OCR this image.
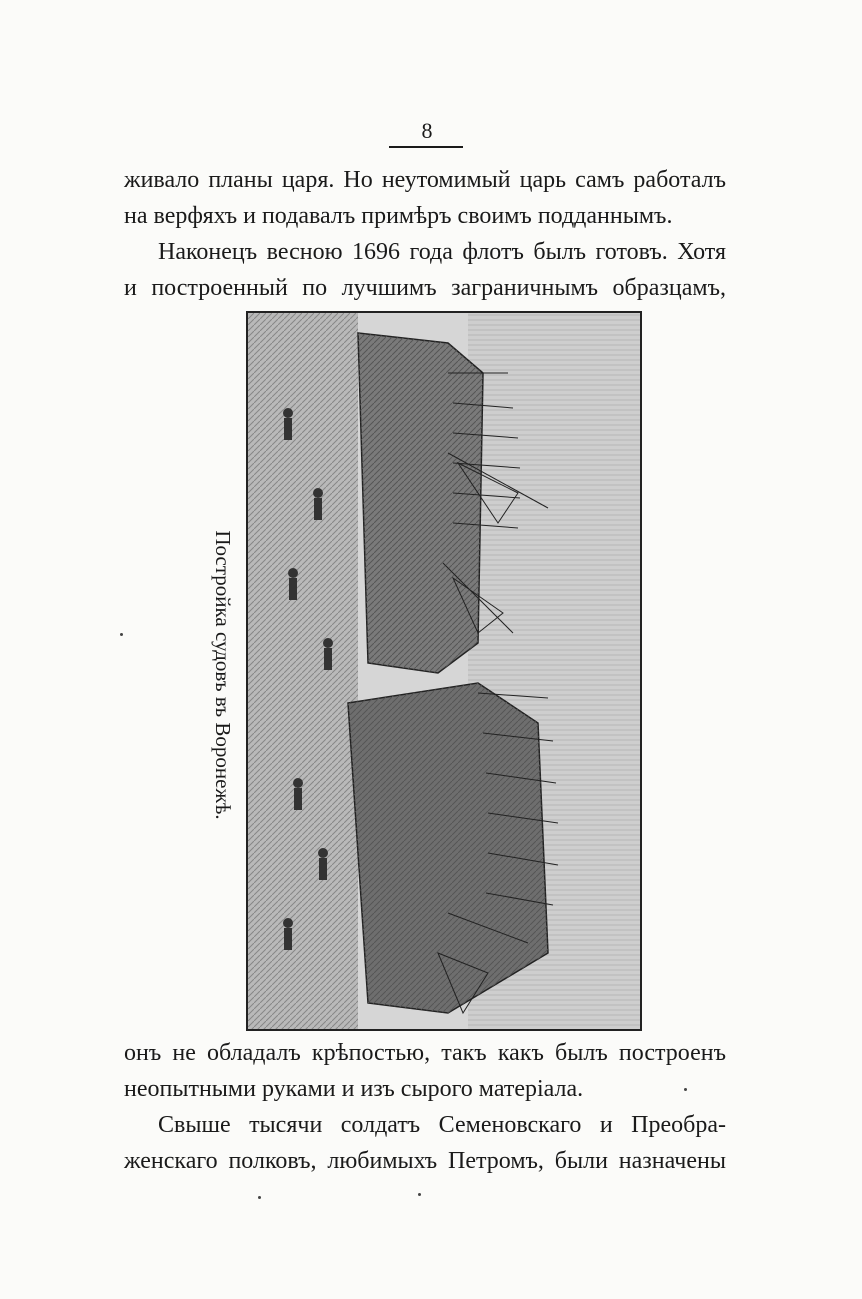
8
живало планы царя. Но неутомимый царь самъ работалъ
на верфяхъ и подавалъ примѣръ своимъ подданнымъ.
Наконецъ весною 1696 года флотъ былъ готовъ. Хотя
и построенный по лучшимъ заграничнымъ образцамъ,
Постройка судовъ въ Воронежѣ.
онъ не обладалъ крѣпостью, такъ какъ былъ построенъ
неопытными руками и изъ сырого матеріала.
Свыше тысячи солдатъ Семеновскаго и Преобра-
женскаго полковъ, любимыхъ Петромъ, были назначены
